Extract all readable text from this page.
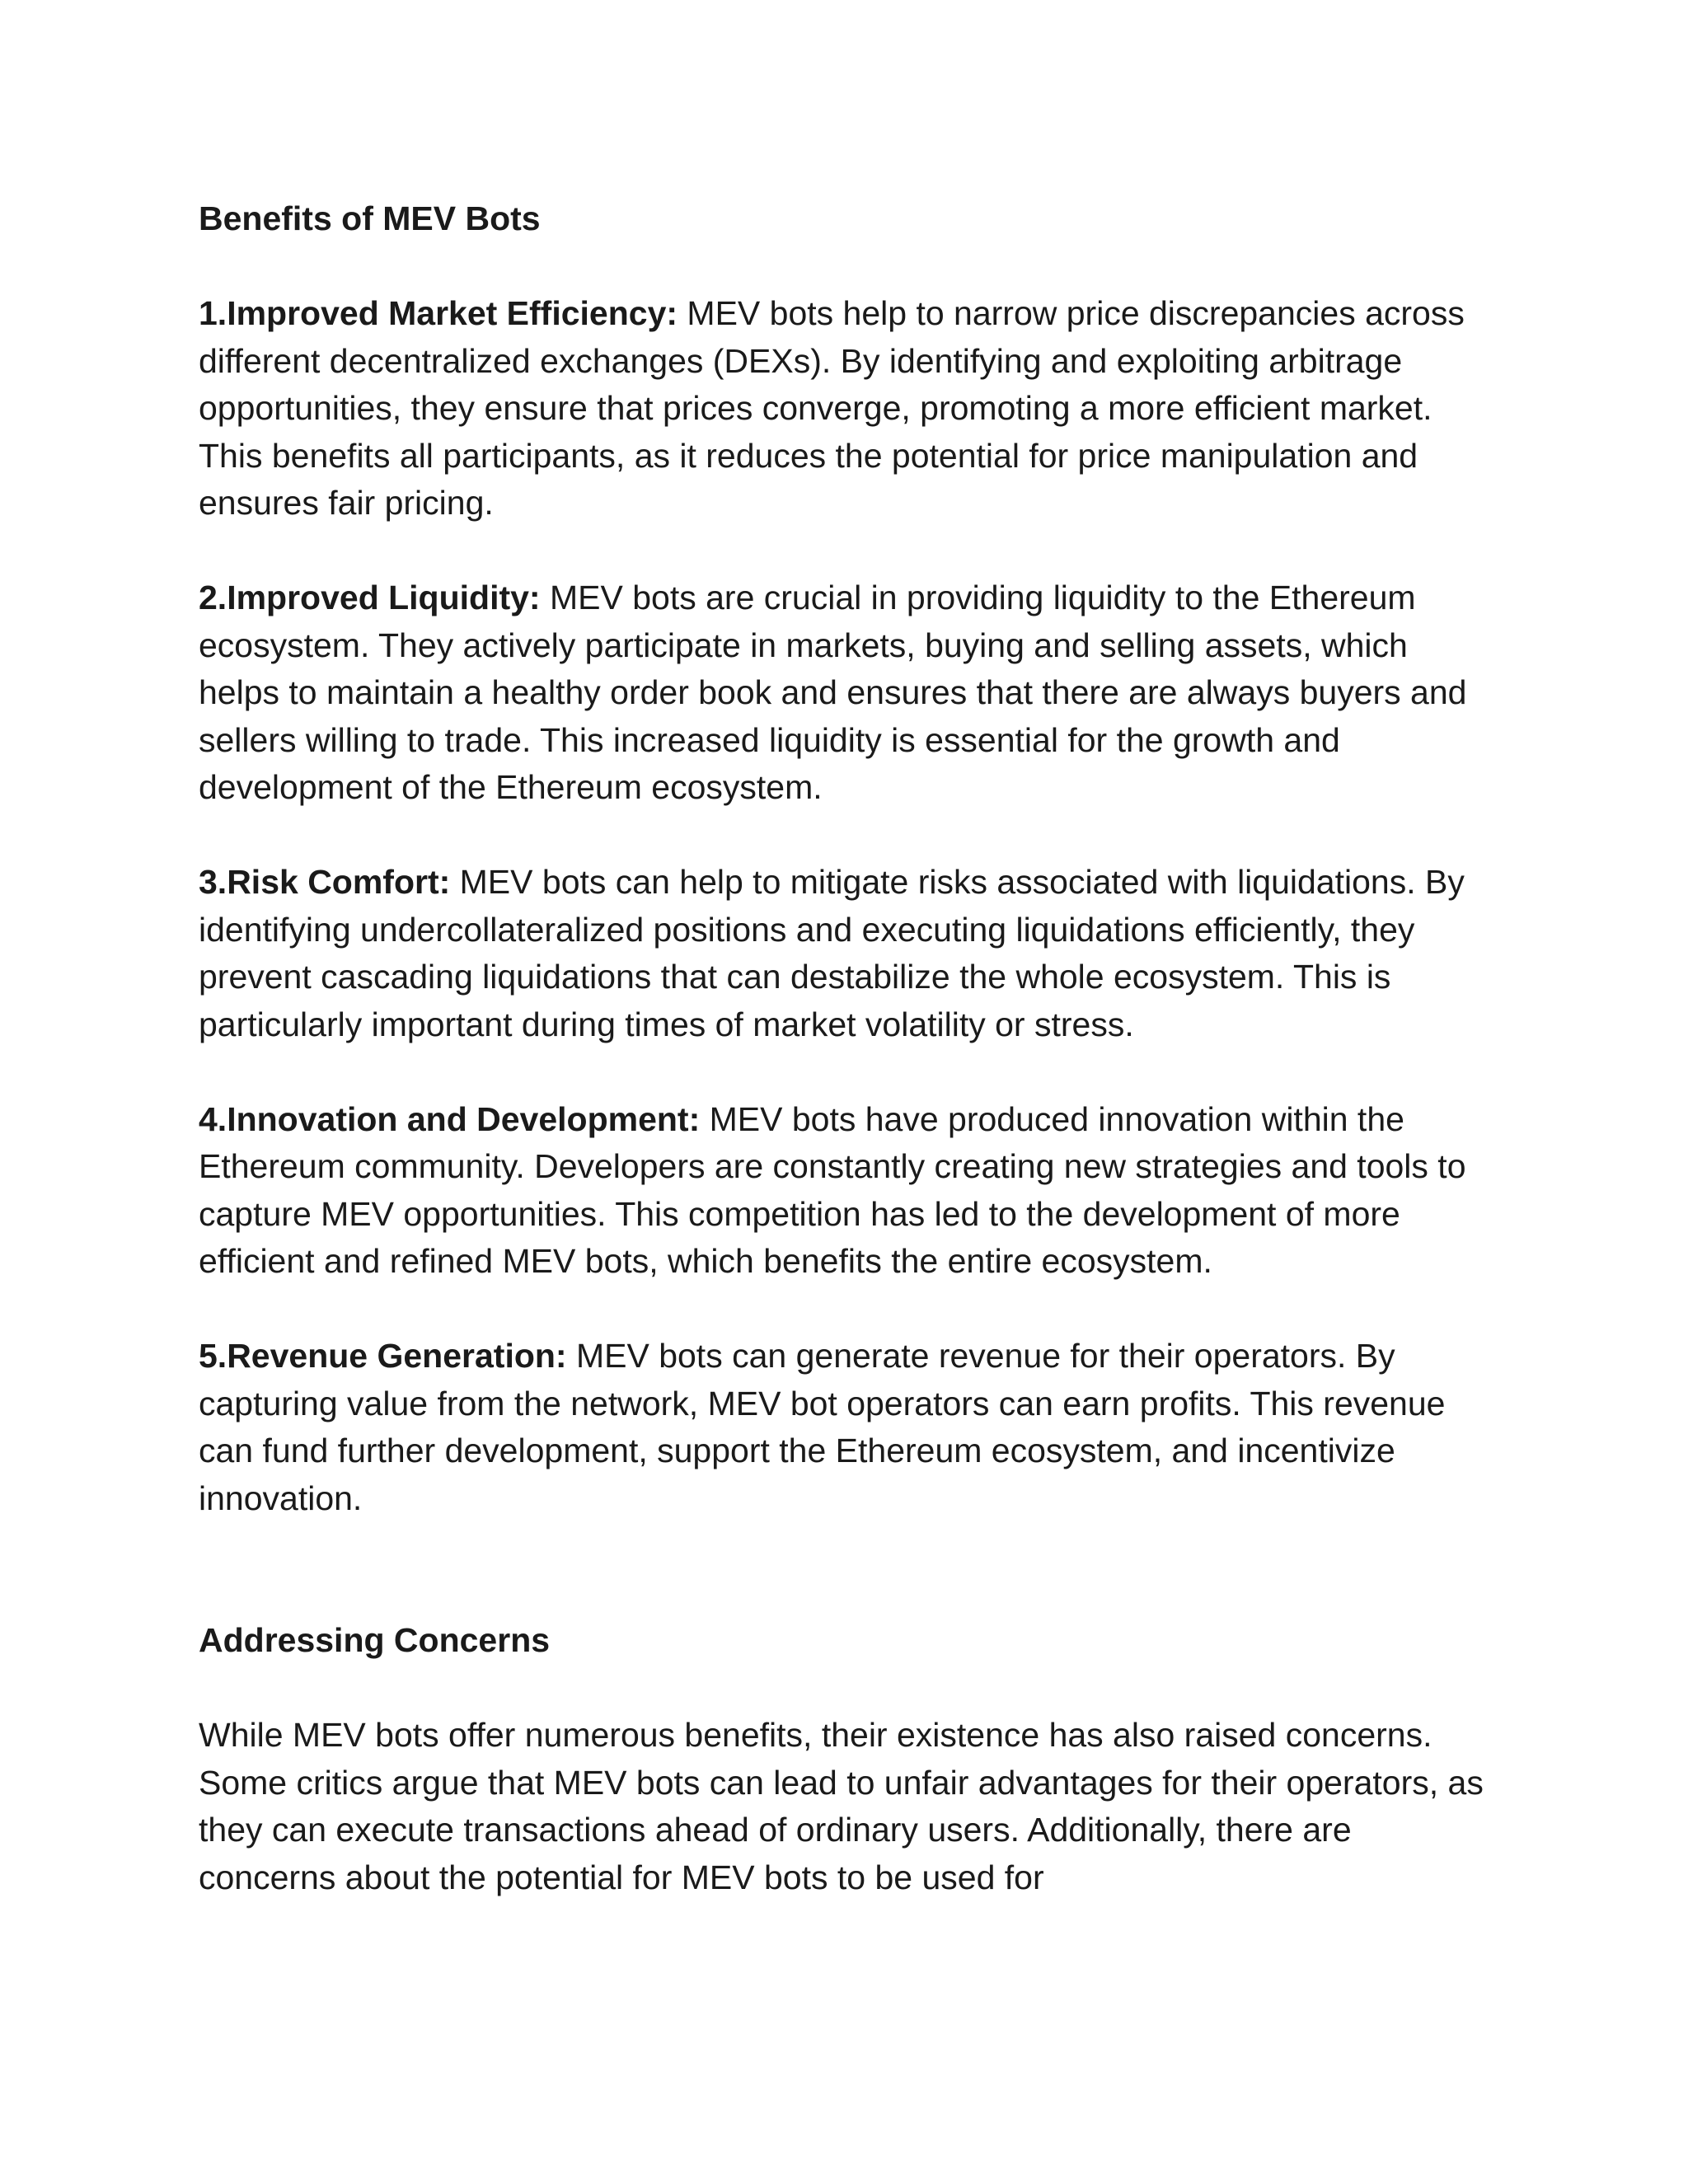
Benefits of MEV Bots

1.Improved Market Efficiency: MEV bots help to narrow price discrepancies across different decentralized exchanges (DEXs). By identifying and exploiting arbitrage opportunities, they ensure that prices converge, promoting a more efficient market. This benefits all participants, as it reduces the potential for price manipulation and ensures fair pricing.

2.Improved Liquidity: MEV bots are crucial in providing liquidity to the Ethereum ecosystem. They actively participate in markets, buying and selling assets, which helps to maintain a healthy order book and ensures that there are always buyers and sellers willing to trade. This increased liquidity is essential for the growth and development of the Ethereum ecosystem.

3.Risk Comfort: MEV bots can help to mitigate risks associated with liquidations. By identifying undercollateralized positions and executing liquidations efficiently, they prevent cascading liquidations that can destabilize the whole ecosystem. This is particularly important during times of market volatility or stress.

4.Innovation and Development: MEV bots have produced innovation within the Ethereum community. Developers are constantly creating new strategies and tools to capture MEV opportunities. This competition has led to the development of more efficient and refined MEV bots, which benefits the entire ecosystem.

5.Revenue Generation: MEV bots can generate revenue for their operators. By capturing value from the network, MEV bot operators can earn profits. This revenue can fund further development, support the Ethereum ecosystem, and incentivize innovation.

Addressing Concerns

While MEV bots offer numerous benefits, their existence has also raised concerns. Some critics argue that MEV bots can lead to unfair advantages for their operators, as they can execute transactions ahead of ordinary users. Additionally, there are concerns about the potential for MEV bots to be used for
